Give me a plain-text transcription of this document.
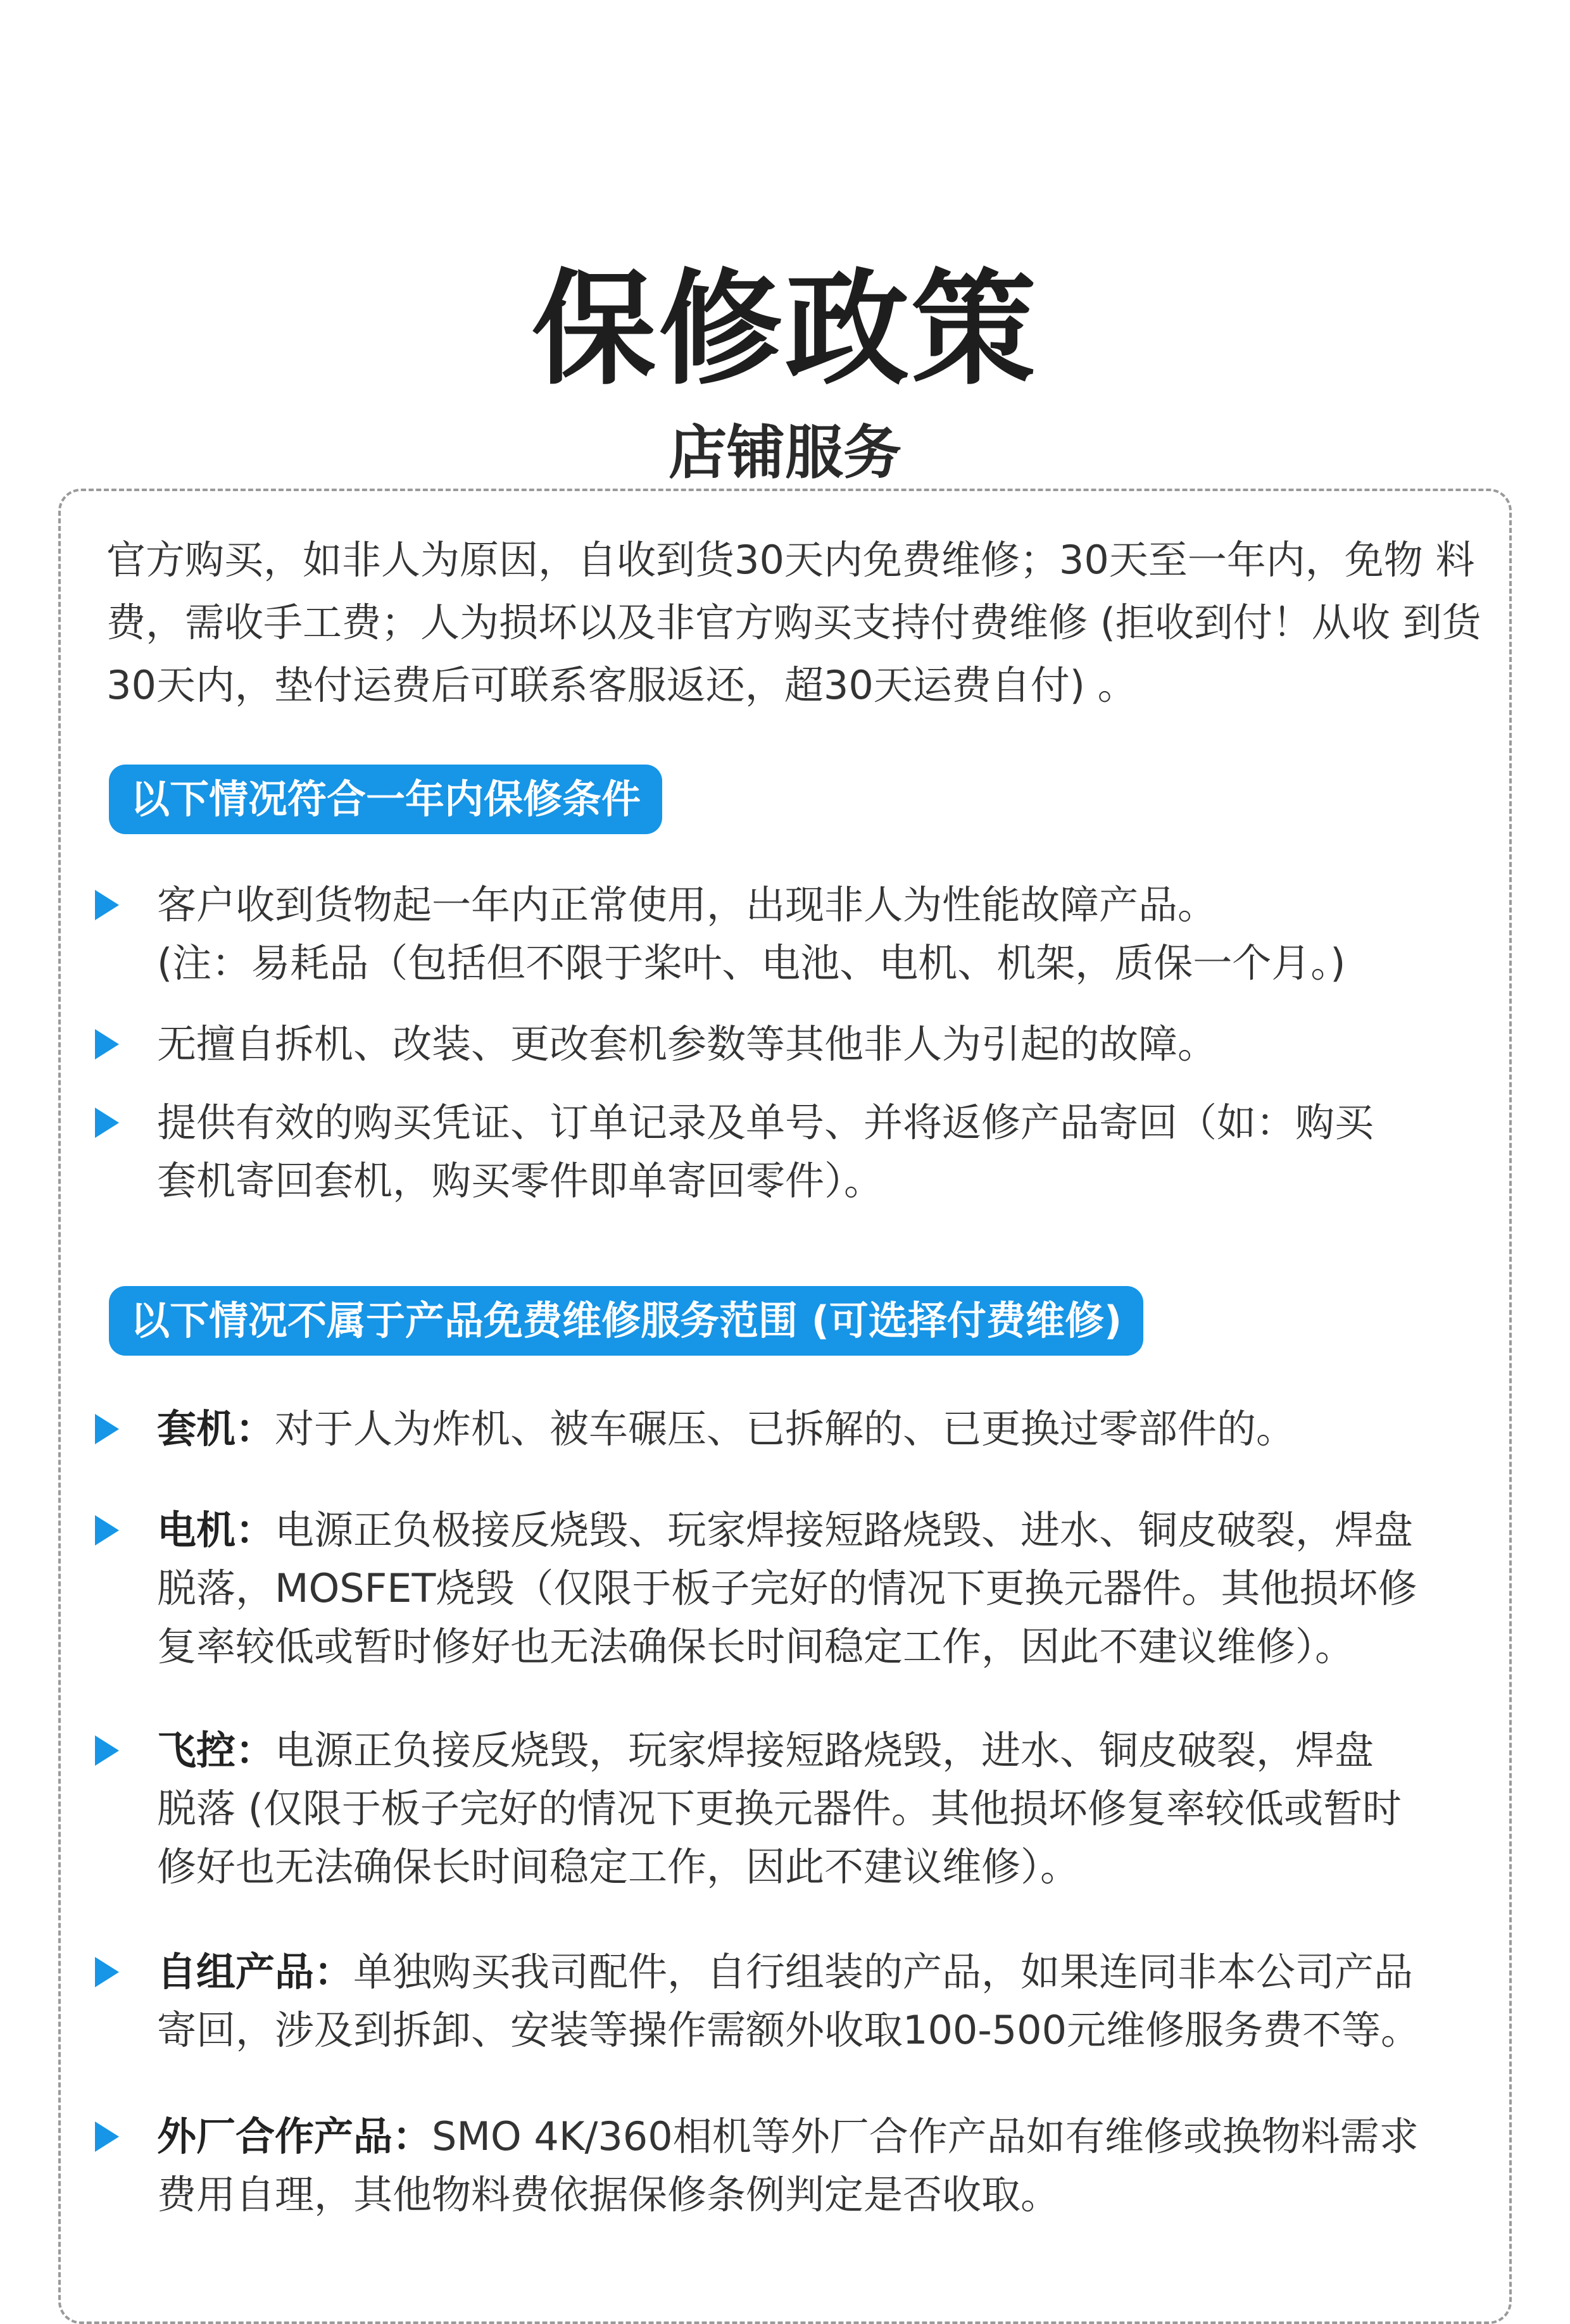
保修政策
店铺服务

官方购买，如非人为原因，自收到货30天内免费维修；30天至一年内，免物 料费，需收手工费；人为损坏以及非官方购买支持付费维修 (拒收到付！从收 到货30天内，垫付运费后可联系客服返还，超30天运费自付) 。

以下情况符合一年内保修条件
客户收到货物起一年内正常使用，出现非人为性能故障产品。
(注：易耗品（包括但不限于桨叶、电池、电机、机架，质保一个月。)
无擅自拆机、改装、更改套机参数等其他非人为引起的故障。
提供有效的购买凭证、订单记录及单号、并将返修产品寄回（如：购买
套机寄回套机，购买零件即单寄回零件）。
以下情况不属于产品免费维修服务范围 (可选择付费维修)
套机：对于人为炸机、被车碾压、已拆解的、已更换过零部件的。
电机：电源正负极接反烧毁、玩家焊接短路烧毁、进水、铜皮破裂，焊盘
脱落，MOSFET烧毁（仅限于板子完好的情况下更换元器件。其他损坏修
复率较低或暂时修好也无法确保长时间稳定工作，因此不建议维修）。
飞控：电源正负接反烧毁，玩家焊接短路烧毁，进水、铜皮破裂，焊盘
脱落 (仅限于板子完好的情况下更换元器件。其他损坏修复率较低或暂时
修好也无法确保长时间稳定工作，因此不建议维修）。
自组产品：单独购买我司配件，自行组装的产品，如果连同非本公司产品
寄回，涉及到拆卸、安装等操作需额外收取100-500元维修服务费不等。
外厂合作产品：SMO 4K/360相机等外厂合作产品如有维修或换物料需求
费用自理，其他物料费依据保修条例判定是否收取。
